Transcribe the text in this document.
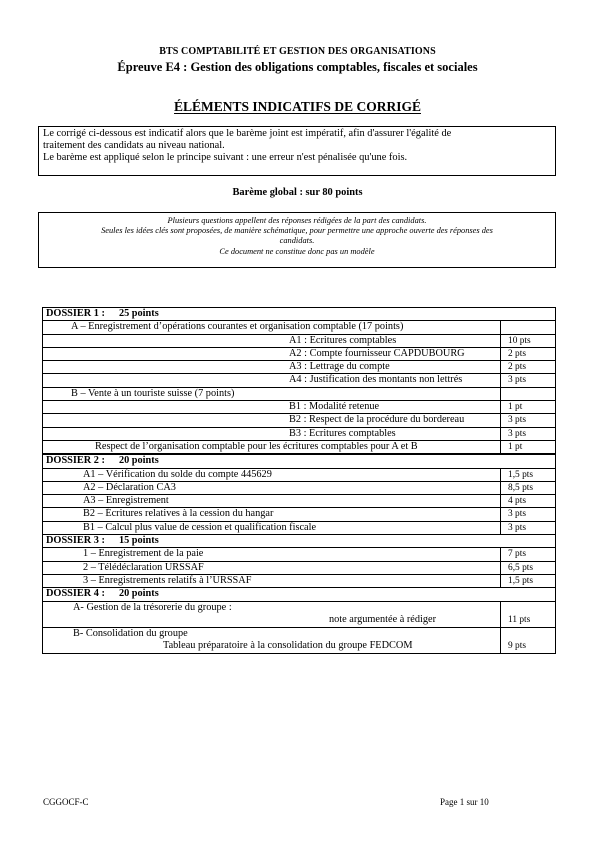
BTS COMPTABILITÉ ET GESTION DES ORGANISATIONS
Épreuve E4 : Gestion des obligations comptables, fiscales et sociales
ÉLÉMENTS INDICATIFS DE CORRIGÉ

Le corrigé ci-dessous est indicatif alors que le barème joint est impératif, afin d'assurer l'égalité de

traitement des candidats au niveau national.

Le barème est appliqué selon le principe suivant : une erreur n'est pénalisée qu'une fois.

Barème global : sur 80 points
Plusieurs questions appellent des réponses rédigées de la part des candidats.
Seules les idées clés sont proposées, de manière schématique, pour permettre une approche ouverte des réponses des
candidats.
Ce document ne constitue donc pas un modèle
DOSSIER 1 : 25 points	
A – Enregistrement d’opérations courantes et organisation comptable (17 points)	
A1 : Ecritures comptables	10 pts
A2 : Compte fournisseur CAPDUBOURG	2 pts
A3 : Lettrage du compte	2 pts
A4 : Justification des montants non lettrés	3 pts
B – Vente à un touriste suisse (7 points)	
B1 : Modalité retenue	1 pt
B2 : Respect de la procédure du bordereau	3 pts
B3 : Ecritures comptables	3 pts
Respect de l’organisation comptable pour les écritures comptables pour A et B	1 pt
DOSSIER 2 : 20 points	
A1 – Vérification du solde du compte 445629	1,5 pts
A2 – Déclaration CA3	8,5 pts
A3 – Enregistrement	4 pts
B2 – Écritures relatives à la cession du hangar	3 pts
B1 – Calcul plus value de cession et qualification fiscale	3 pts
DOSSIER 3 : 15 points	
1 – Enregistrement de la paie	7 pts
2 – Télédéclaration URSSAF	6,5 pts
3 – Enregistrements relatifs à l’URSSAF	1,5 pts
DOSSIER 4 : 20 points	

A- Gestion de la trésorerie du groupe :
note argumentée à rédiger	11 pts

B- Consolidation du groupe
Tableau préparatoire à la consolidation du groupe FEDCOM	9 pts
CGGOCF-C	Page 1 sur 10
